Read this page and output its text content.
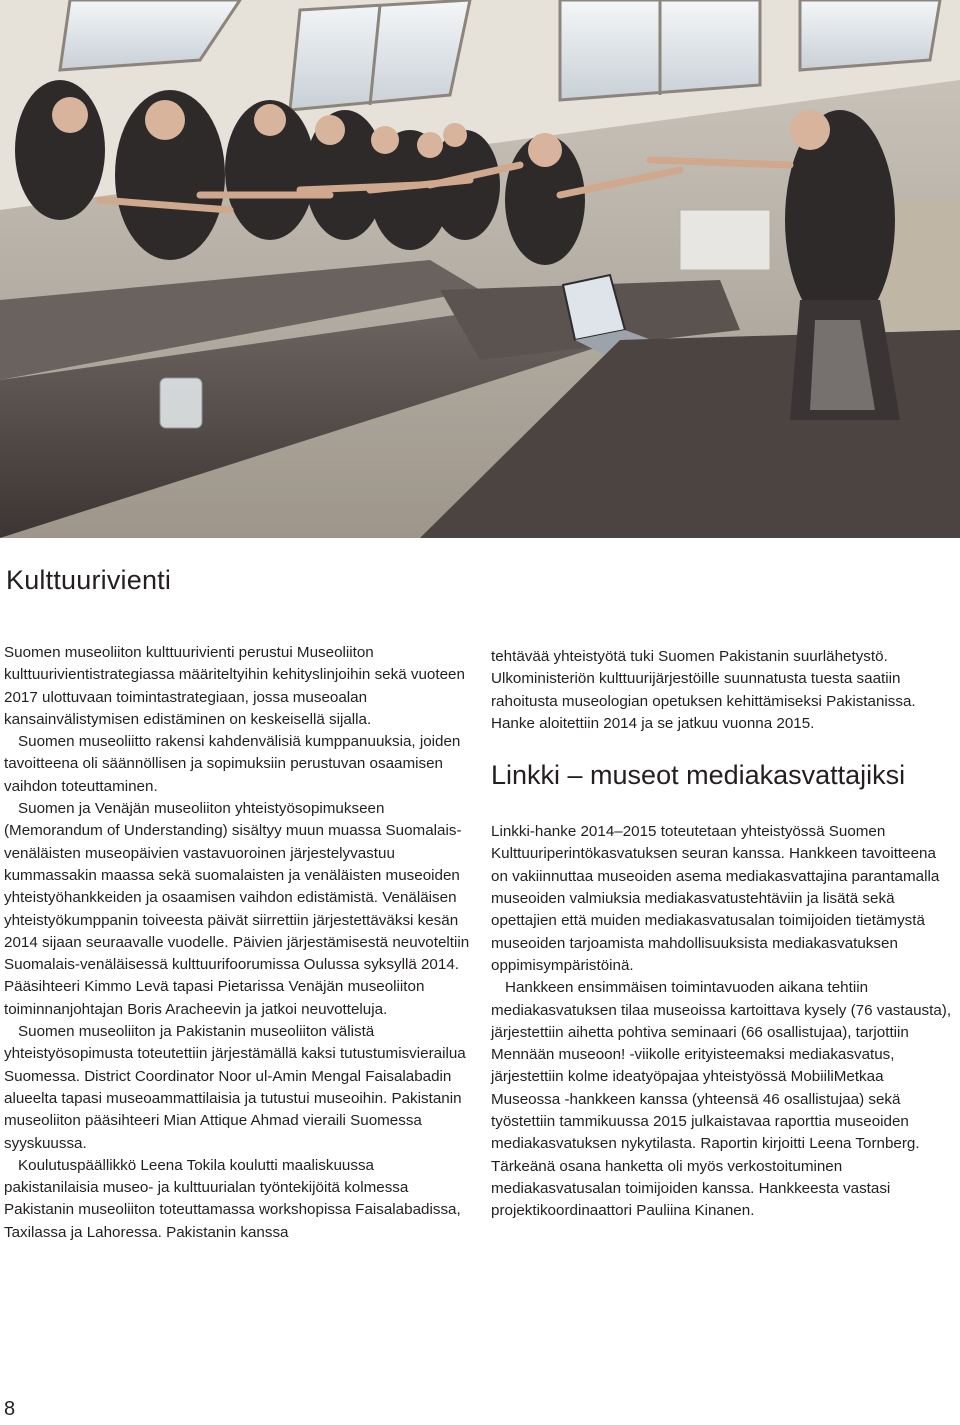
Kulttuurivienti

Suomen museoliiton kulttuurivienti perustui Museoliiton kulttuurivientistrategiassa määriteltyihin kehityslinjoihin sekä vuoteen 2017 ulottuvaan toimintastrategiaan, jossa museoalan kansainvälistymisen edistäminen on keskeisellä sijalla.

Suomen museoliitto rakensi kahdenvälisiä kumppanuuksia, joiden tavoitteena oli säännöllisen ja sopimuksiin perustuvan osaamisen vaihdon toteuttaminen.

Suomen ja Venäjän museoliiton yhteistyösopimukseen (Memorandum of Understanding) sisältyy muun muassa Suomalais-venäläisten museopäivien vastavuoroinen järjestelyvastuu kummassakin maassa sekä suomalaisten ja venäläisten museoiden yhteistyöhankkeiden ja osaamisen vaihdon edistämistä. Venäläisen yhteistyökumppanin toiveesta päivät siirrettiin järjestettäväksi kesän 2014 sijaan seuraavalle vuodelle. Päivien järjestämisestä neuvoteltiin Suomalais-venäläisessä kulttuurifoorumissa Oulussa syksyllä 2014. Pääsihteeri Kimmo Levä tapasi Pietarissa Venäjän museoliiton toiminnanjohtajan Boris Aracheevin ja jatkoi neuvotteluja.

Suomen museoliiton ja Pakistanin museoliiton välistä yhteistyösopimusta toteutettiin järjestämällä kaksi tutustumisvierailua Suomessa. District Coordinator Noor ul-Amin Mengal Faisalabadin alueelta tapasi museoammattilaisia ja tutustui museoihin. Pakistanin museoliiton pääsihteeri Mian Attique Ahmad vieraili Suomessa syyskuussa.

Koulutuspäällikkö Leena Tokila koulutti maaliskuussa pakistanilaisia museo- ja kulttuurialan työntekijöitä kolmessa Pakistanin museoliiton toteuttamassa workshopissa Faisalabadissa, Taxilassa ja Lahoressa. Pakistanin kanssa

tehtävää yhteistyötä tuki Suomen Pakistanin suurlähetystö. Ulkoministeriön kulttuurijärjestöille suunnatusta tuesta saatiin rahoitusta museologian opetuksen kehittämiseksi Pakistanissa. Hanke aloitettiin 2014 ja se jatkuu vuonna 2015.

Linkki – museot mediakasvattajiksi

Linkki-hanke 2014–2015 toteutetaan yhteistyössä Suomen Kulttuuriperintökasvatuksen seuran kanssa. Hankkeen tavoitteena on vakiinnuttaa museoiden asema mediakasvattajina parantamalla museoiden valmiuksia mediakasvatustehtäviin ja lisätä sekä opettajien että muiden mediakasvatusalan toimijoiden tietämystä museoiden tarjoamista mahdollisuuksista mediakasvatuksen oppimisympäristöinä.

Hankkeen ensimmäisen toimintavuoden aikana tehtiin mediakasvatuksen tilaa museoissa kartoittava kysely (76 vastausta), järjestettiin aihetta pohtiva seminaari (66 osallistujaa), tarjottiin Mennään museoon! -viikolle erityisteemaksi mediakasvatus, järjestettiin kolme ideatyöpajaa yhteistyössä MobiiliMetkaa Museossa -hankkeen kanssa (yhteensä 46 osallistujaa) sekä työstettiin tammikuussa 2015 julkaistavaa raporttia museoiden mediakasvatuksen nykytilasta. Raportin kirjoitti Leena Tornberg. Tärkeänä osana hanketta oli myös verkostoituminen mediakasvatusalan toimijoiden kanssa. Hankkeesta vastasi projektikoordinaattori Pauliina Kinanen.

8
